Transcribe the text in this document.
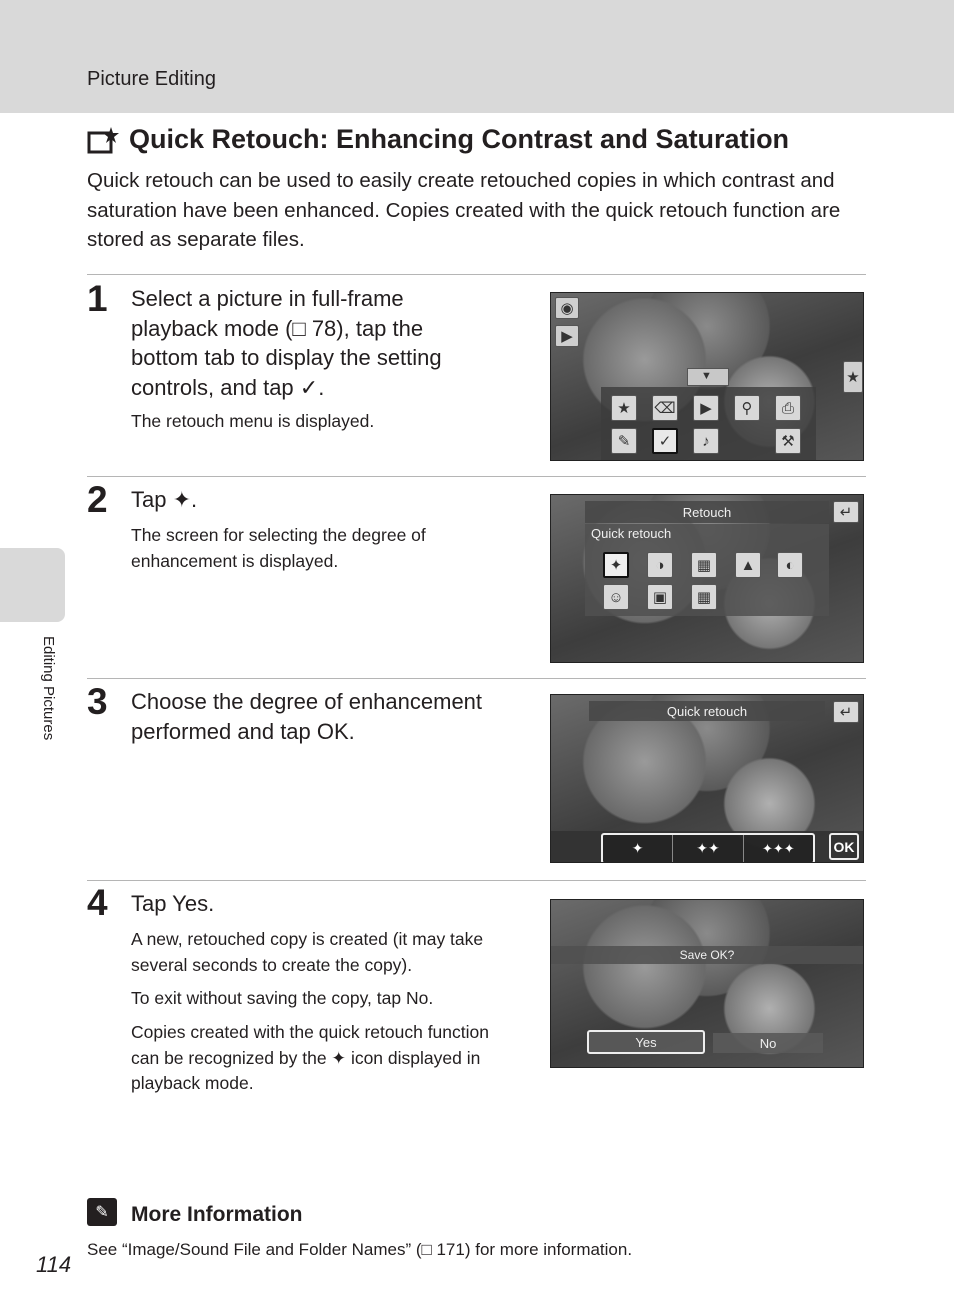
Picture Editing
Editing Pictures
Quick Retouch: Enhancing Contrast and Saturation
Quick retouch can be used to easily create retouched copies in which contrast and saturation have been enhanced. Copies created with the quick retouch function are stored as separate files.
1 Select a picture in full-frame
playback mode (□ 78), tap the
bottom tab to display the setting
controls, and tap ✓.
The retouch menu is displayed.
◉
▶
★
▼
★	⌫	▶	⚲	⎙
✎	✓	♪	⚒
2 Tap ✦.
The screen for selecting the degree of enhancement is displayed.
Retouch	↵
Quick retouch
✦	◑	▦	▲	◐
☺	▣	▦
3 Choose the degree of enhancement
performed and tap OK.
Quick retouch	↵
✦	✦✦	✦✦✦	OK
4 Tap Yes.
A new, retouched copy is created (it may take several seconds to create the copy).
To exit without saving the copy, tap No.
Copies created with the quick retouch function can be recognized by the ✦ icon displayed in playback mode.
Save OK?
Yes	No
✎	More Information
See “Image/Sound File and Folder Names” (□ 171) for more information.
114
